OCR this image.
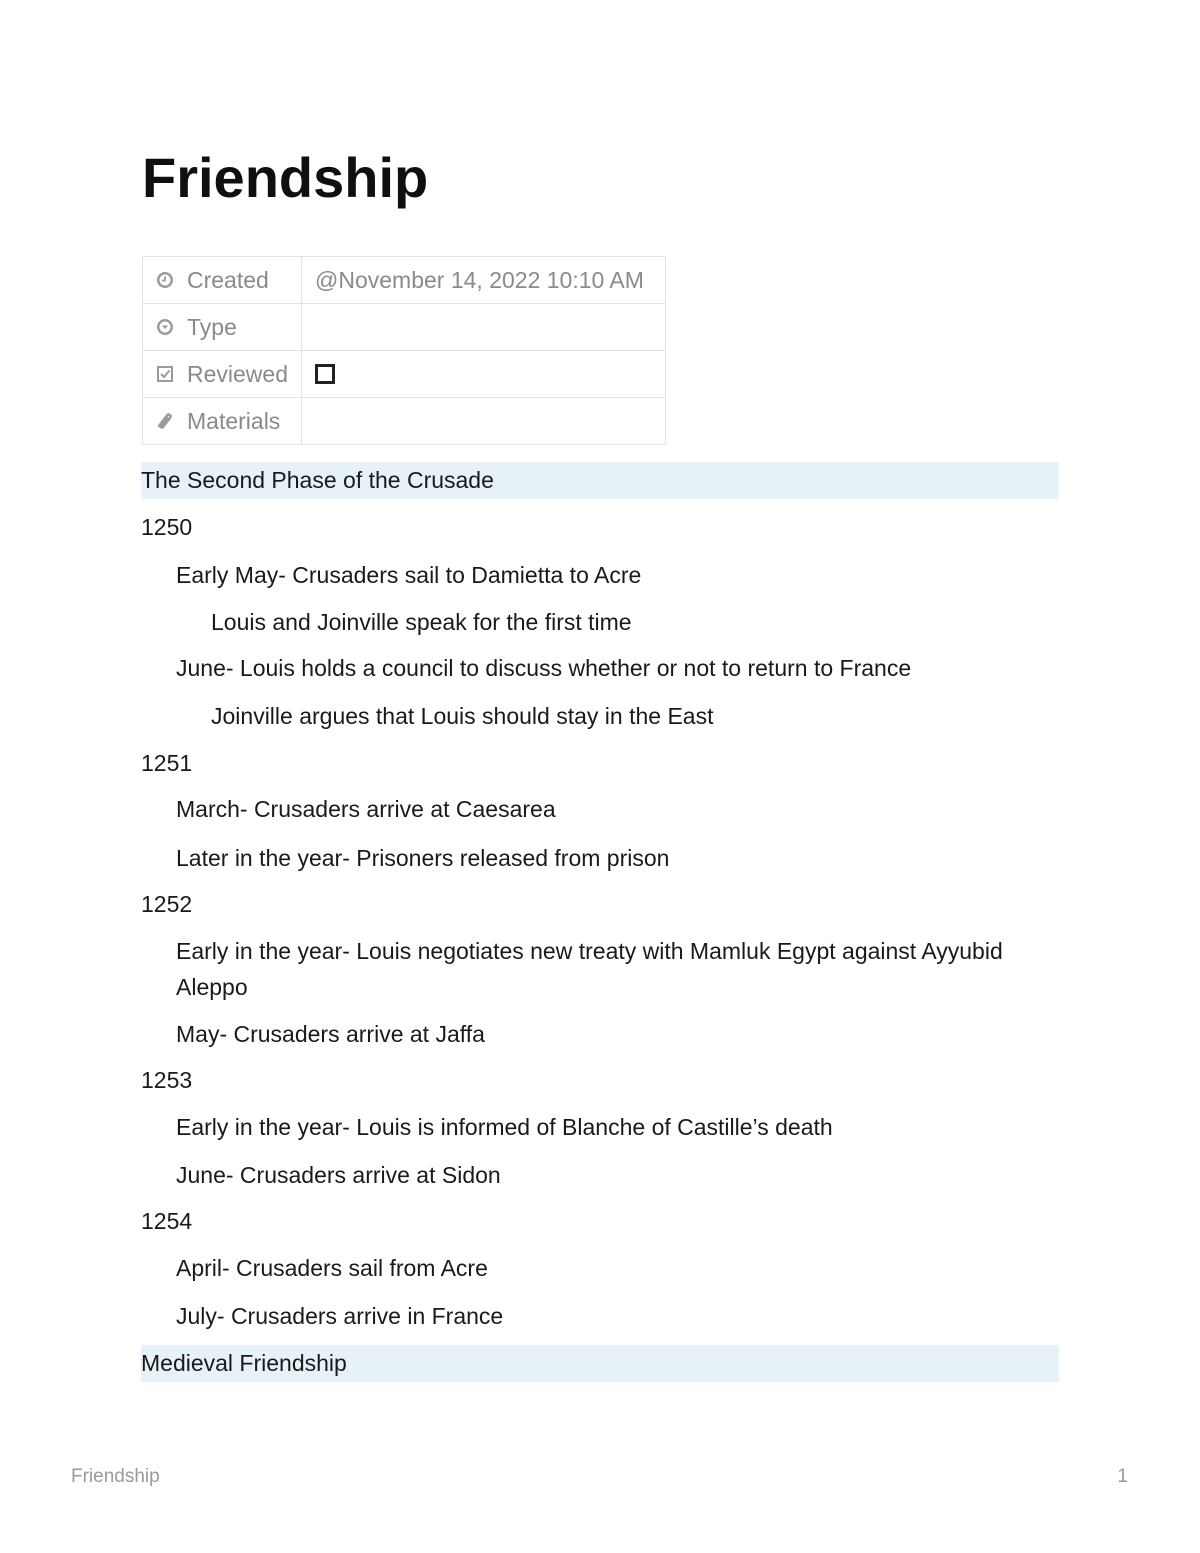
Friendship
Created	@November 14, 2022 10:10 AM

Type	

Reviewed	

Materials	

The Second Phase of the Crusade
1250
Early May- Crusaders sail to Damietta to Acre
Louis and Joinville speak for the first time
June- Louis holds a council to discuss whether or not to return to France
Joinville argues that Louis should stay in the East
1251
March- Crusaders arrive at Caesarea
Later in the year- Prisoners released from prison
1252
Early in the year- Louis negotiates new treaty with Mamluk Egypt against Ayyubid Aleppo
May- Crusaders arrive at Jaffa
1253
Early in the year- Louis is informed of Blanche of Castille’s death
June- Crusaders arrive at Sidon
1254
April- Crusaders sail from Acre
July- Crusaders arrive in France
Medieval Friendship
Friendship	1
